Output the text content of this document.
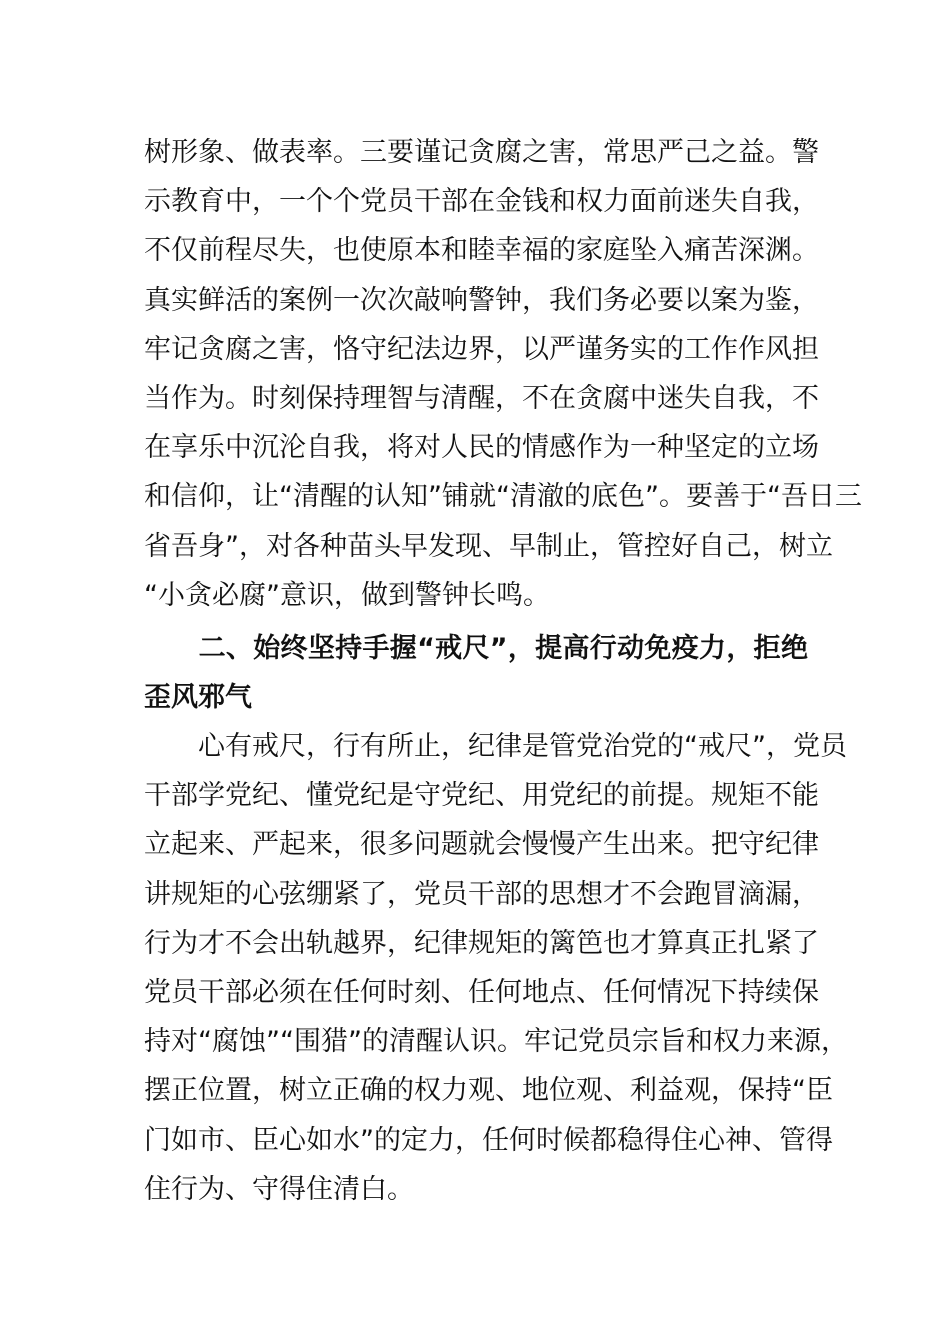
树形象、做表率。三要谨记贪腐之害，常思严己之益。警
示教育中，一个个党员干部在金钱和权力面前迷失自我，
不仅前程尽失，也使原本和睦幸福的家庭坠入痛苦深渊。
真实鲜活的案例一次次敲响警钟，我们务必要以案为鉴，
牢记贪腐之害，恪守纪法边界，以严谨务实的工作作风担
当作为。时刻保持理智与清醒，不在贪腐中迷失自我，不
在享乐中沉沦自我，将对人民的情感作为一种坚定的立场
和信仰，让“清醒的认知”铺就“清澈的底色”。要善于“吾日三
省吾身”，对各种苗头早发现、早制止，管控好自己，树立
“小贪必腐”意识，做到警钟长鸣。
　　二、始终坚持手握“戒尺”，提高行动免疫力，拒绝
歪风邪气
　　心有戒尺，行有所止，纪律是管党治党的“戒尺”，党员
干部学党纪、懂党纪是守党纪、用党纪的前提。规矩不能
立起来、严起来，很多问题就会慢慢产生出来。把守纪律
讲规矩的心弦绷紧了，党员干部的思想才不会跑冒滴漏，
行为才不会出轨越界，纪律规矩的篱笆也才算真正扎紧了
党员干部必须在任何时刻、任何地点、任何情况下持续保
持对“腐蚀”“围猎”的清醒认识。牢记党员宗旨和权力来源，
摆正位置，树立正确的权力观、地位观、利益观，保持“臣
门如市、臣心如水”的定力，任何时候都稳得住心神、管得
住行为、守得住清白。
